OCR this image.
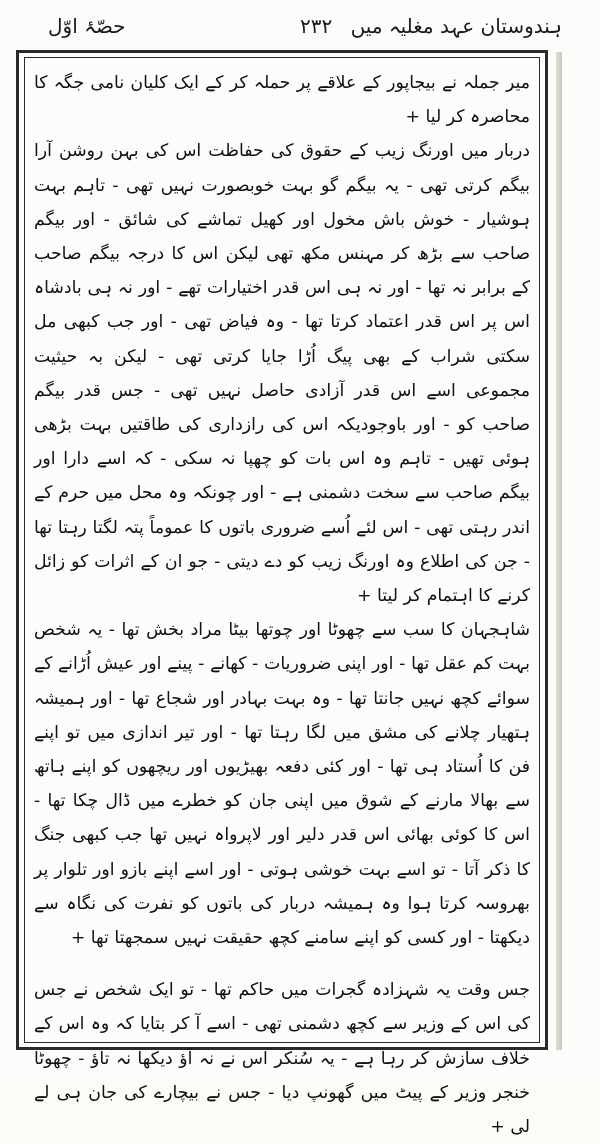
ہندوستان عہد مغلیہ میں
۲۳۲
حصّۂ اوّل

میر جملہ نے بیجاپور کے علاقے پر حملہ کر کے ایک کلیان نامی جگہ کا محاصرہ کر لیا +

دربار میں اورنگ زیب کے حقوق کی حفاظت اس کی بہن روشن آرا بیگم کرتی تھی - یہ بیگم گو بہت خوبصورت نہیں تھی - تاہم بہت ہوشیار - خوش باش مخول اور کھیل تماشے کی شائق - اور بیگم صاحب سے بڑھ کر مہنس مکھ تھی لیکن اس کا درجہ بیگم صاحب کے برابر نہ تھا - اور نہ ہی اس قدر اختیارات تھے - اور نہ ہی بادشاہ اس پر اس قدر اعتماد کرتا تھا - وہ فیاض تھی - اور جب کبھی مل سکتی شراب کے بھی پیگ اُڑا جایا کرتی تھی - لیکن بہ حیثیت مجموعی اسے اس قدر آزادی حاصل نہیں تھی - جس قدر بیگم صاحب کو - اور باوجودیکہ اس کی رازداری کی طاقتیں بہت بڑھی ہوئی تھیں - تاہم وہ اس بات کو چھپا نہ سکی - کہ اسے دارا اور بیگم صاحب سے سخت دشمنی ہے - اور چونکہ وہ محل میں حرم کے اندر رہتی تھی - اس لئے اُسے ضروری باتوں کا عموماً پتہ لگتا رہتا تھا - جن کی اطلاع وہ اورنگ زیب کو دے دیتی - جو ان کے اثرات کو زائل کرنے کا اہتمام کر لیتا +

شاہجہان کا سب سے چھوٹا اور چوتھا بیٹا مراد بخش تھا - یہ شخص بہت کم عقل تھا - اور اپنی ضروریات - کھانے - پینے اور عیش اُڑانے کے سوائے کچھ نہیں جانتا تھا - وہ بہت بہادر اور شجاع تھا - اور ہمیشہ ہتھیار چلانے کی مشق میں لگا رہتا تھا - اور تیر اندازی میں تو اپنے فن کا اُستاد ہی تھا - اور کئی دفعہ بھیڑیوں اور ریچھوں کو اپنے ہاتھ سے بھالا مارنے کے شوق میں اپنی جان کو خطرے میں ڈال چکا تھا - اس کا کوئی بھائی اس قدر دلیر اور لاپرواہ نہیں تھا جب کبھی جنگ کا ذکر آتا - تو اسے بہت خوشی ہوتی - اور اسے اپنے بازو اور تلوار پر بھروسہ کرتا ہوا وہ ہمیشہ دربار کی باتوں کو نفرت کی نگاہ سے دیکھتا - اور کسی کو اپنے سامنے کچھ حقیقت نہیں سمجھتا تھا +

جس وقت یہ شہزادہ گجرات میں حاکم تھا - تو ایک شخص نے جس کی اس کے وزیر سے کچھ دشمنی تھی - اسے آ کر بتایا کہ وہ اس کے خلاف سازش کر رہا ہے - یہ سُنکر اس نے نہ آؤ دیکھا نہ تاؤ - چھوٹا خنجر وزیر کے پیٹ میں گھونپ دیا - جس نے بیچارے کی جان ہی لے لی +
